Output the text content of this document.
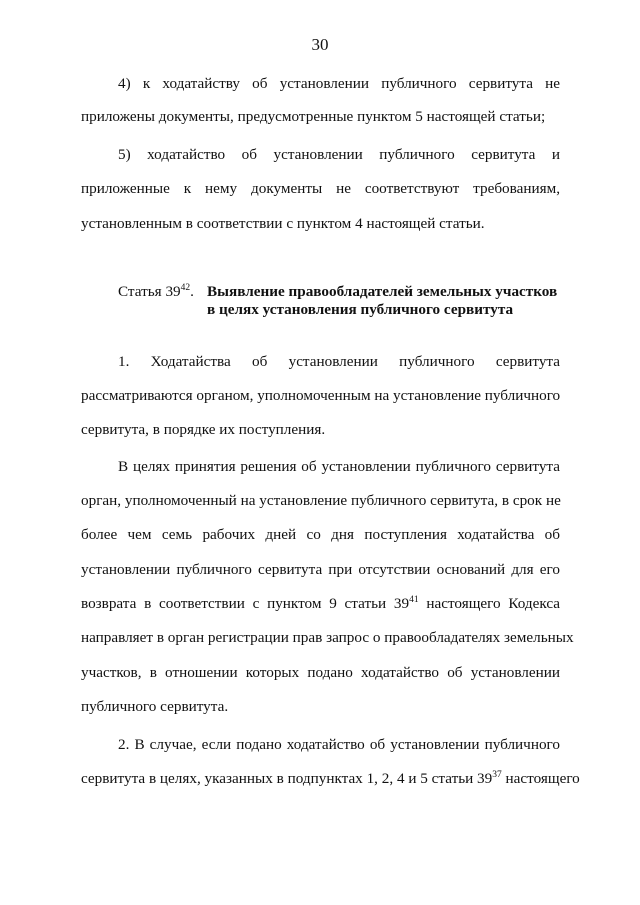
30
4) к ходатайству об установлении публичного сервитута не
приложены документы, предусмотренные пунктом 5 настоящей статьи;
5) ходатайство об установлении публичного сервитута и
приложенные к нему документы не соответствуют требованиям,
установленным в соответствии с пунктом 4 настоящей статьи.
Статья $39^{42}$. Выявление правообладателей земельных участков
в целях установления публичного сервитута
1. Ходатайства об установлении публичного сервитута
рассматриваются органом, уполномоченным на установление публичного
сервитута, в порядке их поступления.
В целях принятия решения об установлении публичного сервитута
орган, уполномоченный на установление публичного сервитута, в срок не
более чем семь рабочих дней со дня поступления ходатайства об
установлении публичного сервитута при отсутствии оснований для его
возврата в соответствии с пунктом 9 статьи $39^{41}$ настоящего Кодекса
направляет в орган регистрации прав запрос о правообладателях земельных
участков, в отношении которых подано ходатайство об установлении
публичного сервитута.
2. В случае, если подано ходатайство об установлении публичного
сервитута в целях, указанных в подпунктах 1, 2, 4 и 5 статьи $39^{37}$ настоящего
